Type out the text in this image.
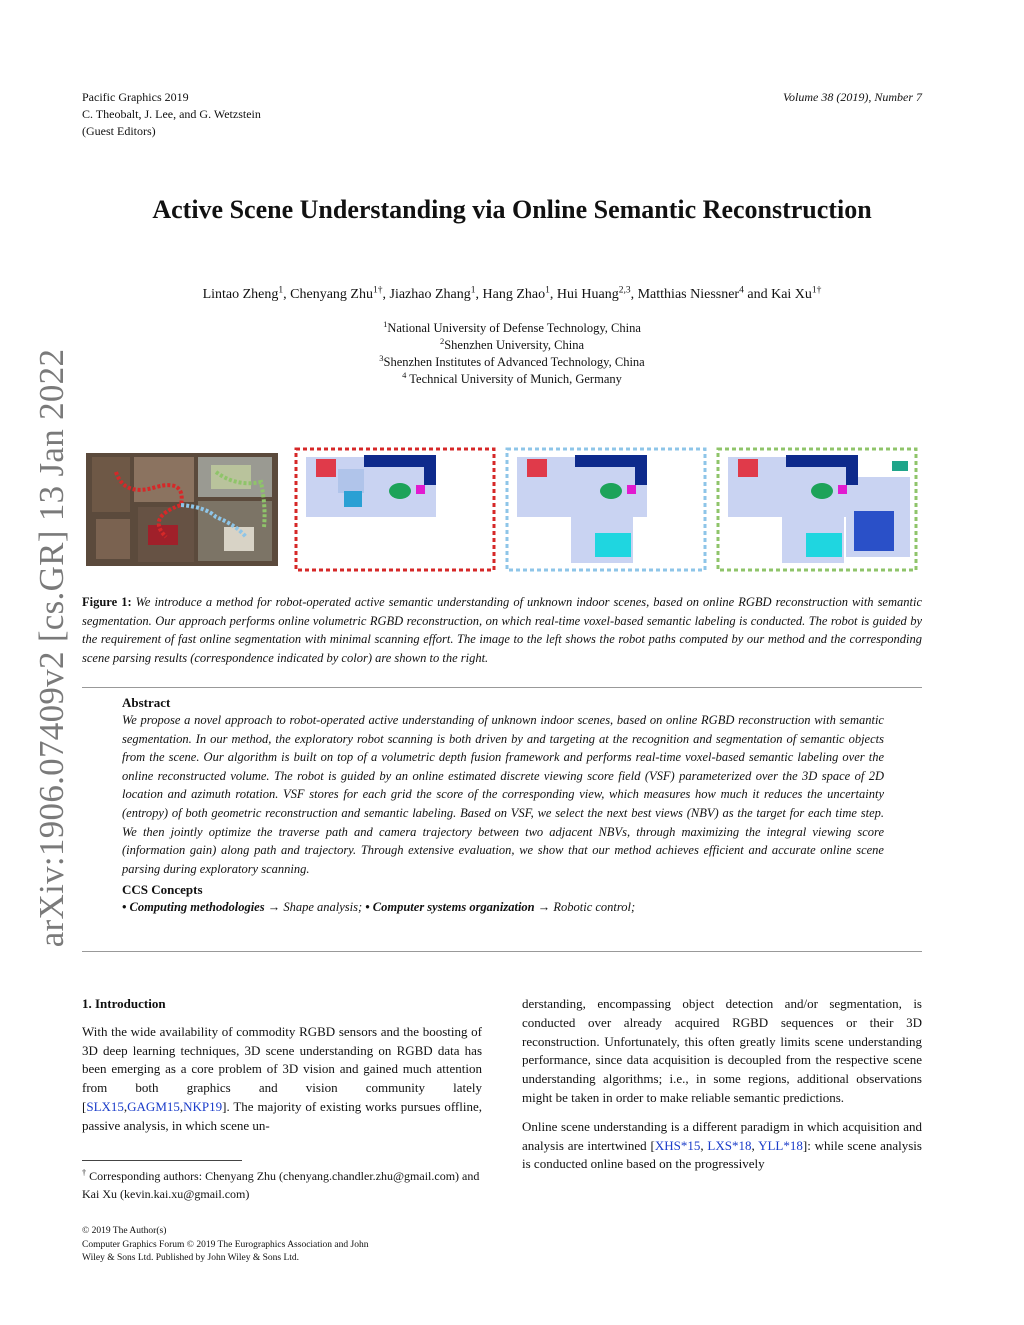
Pacific Graphics 2019
C. Theobalt, J. Lee, and G. Wetzstein
(Guest Editors)
Volume 38 (2019), Number 7
arXiv:1906.07409v2 [cs.GR] 13 Jan 2022
Active Scene Understanding via Online Semantic Reconstruction
Lintao Zheng$^1$, Chenyang Zhu$^{1\dagger}$, Jiazhao Zhang$^1$, Hang Zhao$^1$, Hui Huang$^{2,3}$, Matthias Niessner$^4$ and Kai $Xu^{1\dagger}$
$^1$National University of Defense Technology, China
$^2$Shenzhen University, China
$^3$Shenzhen Institutes of Advanced Technology, China
$^4$ Technical University of Munich, Germany
Figure 1: We introduce a method for robot-operated active semantic understanding of unknown indoor scenes, based on online RGBD reconstruction with semantic segmentation. Our approach performs online volumetric RGBD reconstruction, on which real-time voxel-based semantic labeling is conducted. The robot is guided by the requirement of fast online segmentation with minimal scanning effort. The image to the left shows the robot paths computed by our method and the corresponding scene parsing results (correspondence indicated by color) are shown to the right.
Abstract
We propose a novel approach to robot-operated active understanding of unknown indoor scenes, based on online RGBD reconstruction with semantic segmentation. In our method, the exploratory robot scanning is both driven by and targeting at the recognition and segmentation of semantic objects from the scene. Our algorithm is built on top of a volumetric depth fusion framework and performs real-time voxel-based semantic labeling over the online reconstructed volume. The robot is guided by an online estimated discrete viewing score field (VSF) parameterized over the 3D space of 2D location and azimuth rotation. VSF stores for each grid the score of the corresponding view, which measures how much it reduces the uncertainty (entropy) of both geometric reconstruction and semantic labeling. Based on VSF, we select the next best views (NBV) as the target for each time step. We then jointly optimize the traverse path and camera trajectory between two adjacent NBVs, through maximizing the integral viewing score (information gain) along path and trajectory. Through extensive evaluation, we show that our method achieves efficient and accurate online scene parsing during exploratory scanning.
CCS Concepts
• Computing methodologies → Shape analysis; • Computer systems organization → Robotic control;
1. Introduction

With the wide availability of commodity RGBD sensors and the boosting of 3D deep learning techniques, 3D scene understanding on RGBD data has been emerging as a core problem of 3D vision and gained much attention from both graphics and vision community lately [SLX15,GAGM15,NKP19]. The majority of existing works pursues offline, passive analysis, in which scene un-

† Corresponding authors: Chenyang Zhu (chenyang.chandler.zhu@gmail.com) and Kai Xu (kevin.kai.xu@gmail.com)
© 2019 The Author(s)
Computer Graphics Forum © 2019 The Eurographics Association and John Wiley & Sons Ltd. Published by John Wiley & Sons Ltd.

derstanding, encompassing object detection and/or segmentation, is conducted over already acquired RGBD sequences or their 3D reconstruction. Unfortunately, this often greatly limits scene understanding performance, since data acquisition is decoupled from the respective scene understanding algorithms; i.e., in some regions, additional observations might be taken in order to make reliable semantic predictions.

Online scene understanding is a different paradigm in which acquisition and analysis are intertwined [XHS*15, LXS*18, YLL*18]: while scene analysis is conducted online based on the progressively
